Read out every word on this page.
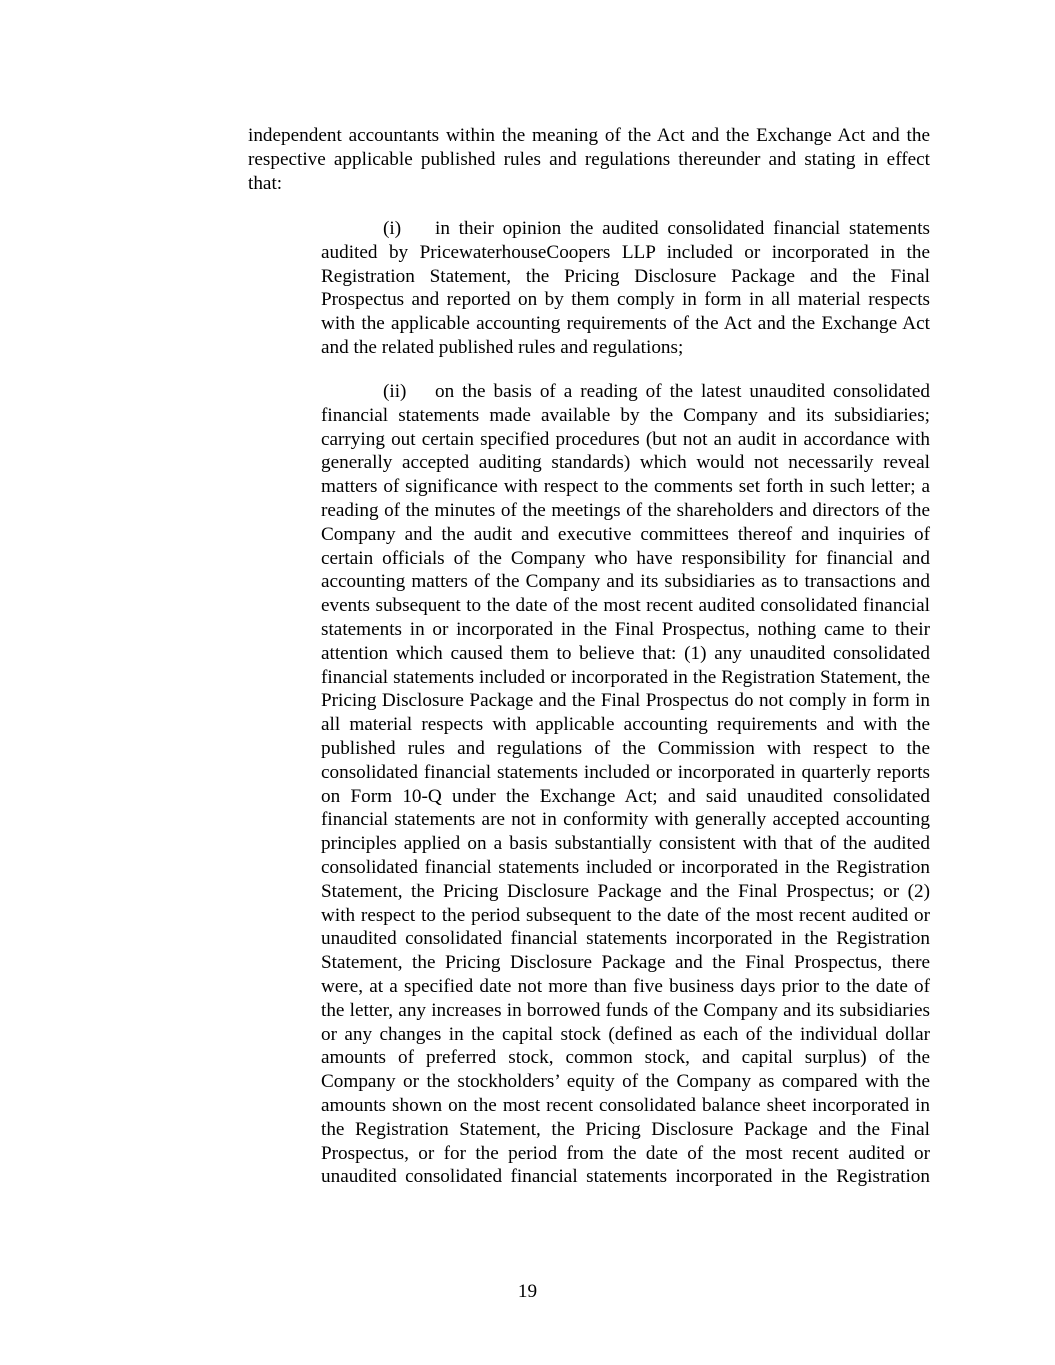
independent accountants within the meaning of the Act and the Exchange Act and the respective applicable published rules and regulations thereunder and stating in effect that:

(i) in their opinion the audited consolidated financial statements audited by PricewaterhouseCoopers LLP included or incorporated in the Registration Statement, the Pricing Disclosure Package and the Final Prospectus and reported on by them comply in form in all material respects with the applicable accounting requirements of the Act and the Exchange Act and the related published rules and regulations;

(ii) on the basis of a reading of the latest unaudited consolidated financial statements made available by the Company and its subsidiaries; carrying out certain specified procedures (but not an audit in accordance with generally accepted auditing standards) which would not necessarily reveal matters of significance with respect to the comments set forth in such letter; a reading of the minutes of the meetings of the shareholders and directors of the Company and the audit and executive committees thereof and inquiries of certain officials of the Company who have responsibility for financial and accounting matters of the Company and its subsidiaries as to transactions and events subsequent to the date of the most recent audited consolidated financial statements in or incorporated in the Final Prospectus, nothing came to their attention which caused them to believe that: (1) any unaudited consolidated financial statements included or incorporated in the Registration Statement, the Pricing Disclosure Package and the Final Prospectus do not comply in form in all material respects with applicable accounting requirements and with the published rules and regulations of the Commission with respect to the consolidated financial statements included or incorporated in quarterly reports on Form 10-Q under the Exchange Act; and said unaudited consolidated financial statements are not in conformity with generally accepted accounting principles applied on a basis substantially consistent with that of the audited consolidated financial statements included or incorporated in the Registration Statement, the Pricing Disclosure Package and the Final Prospectus; or (2) with respect to the period subsequent to the date of the most recent audited or unaudited consolidated financial statements incorporated in the Registration Statement, the Pricing Disclosure Package and the Final Prospectus, there were, at a specified date not more than five business days prior to the date of the letter, any increases in borrowed funds of the Company and its subsidiaries or any changes in the capital stock (defined as each of the individual dollar amounts of preferred stock, common stock, and capital surplus) of the Company or the stockholders’ equity of the Company as compared with the amounts shown on the most recent consolidated balance sheet incorporated in the Registration Statement, the Pricing Disclosure Package and the Final Prospectus, or for the period from the date of the most recent audited or unaudited consolidated financial statements incorporated in the Registration

19
